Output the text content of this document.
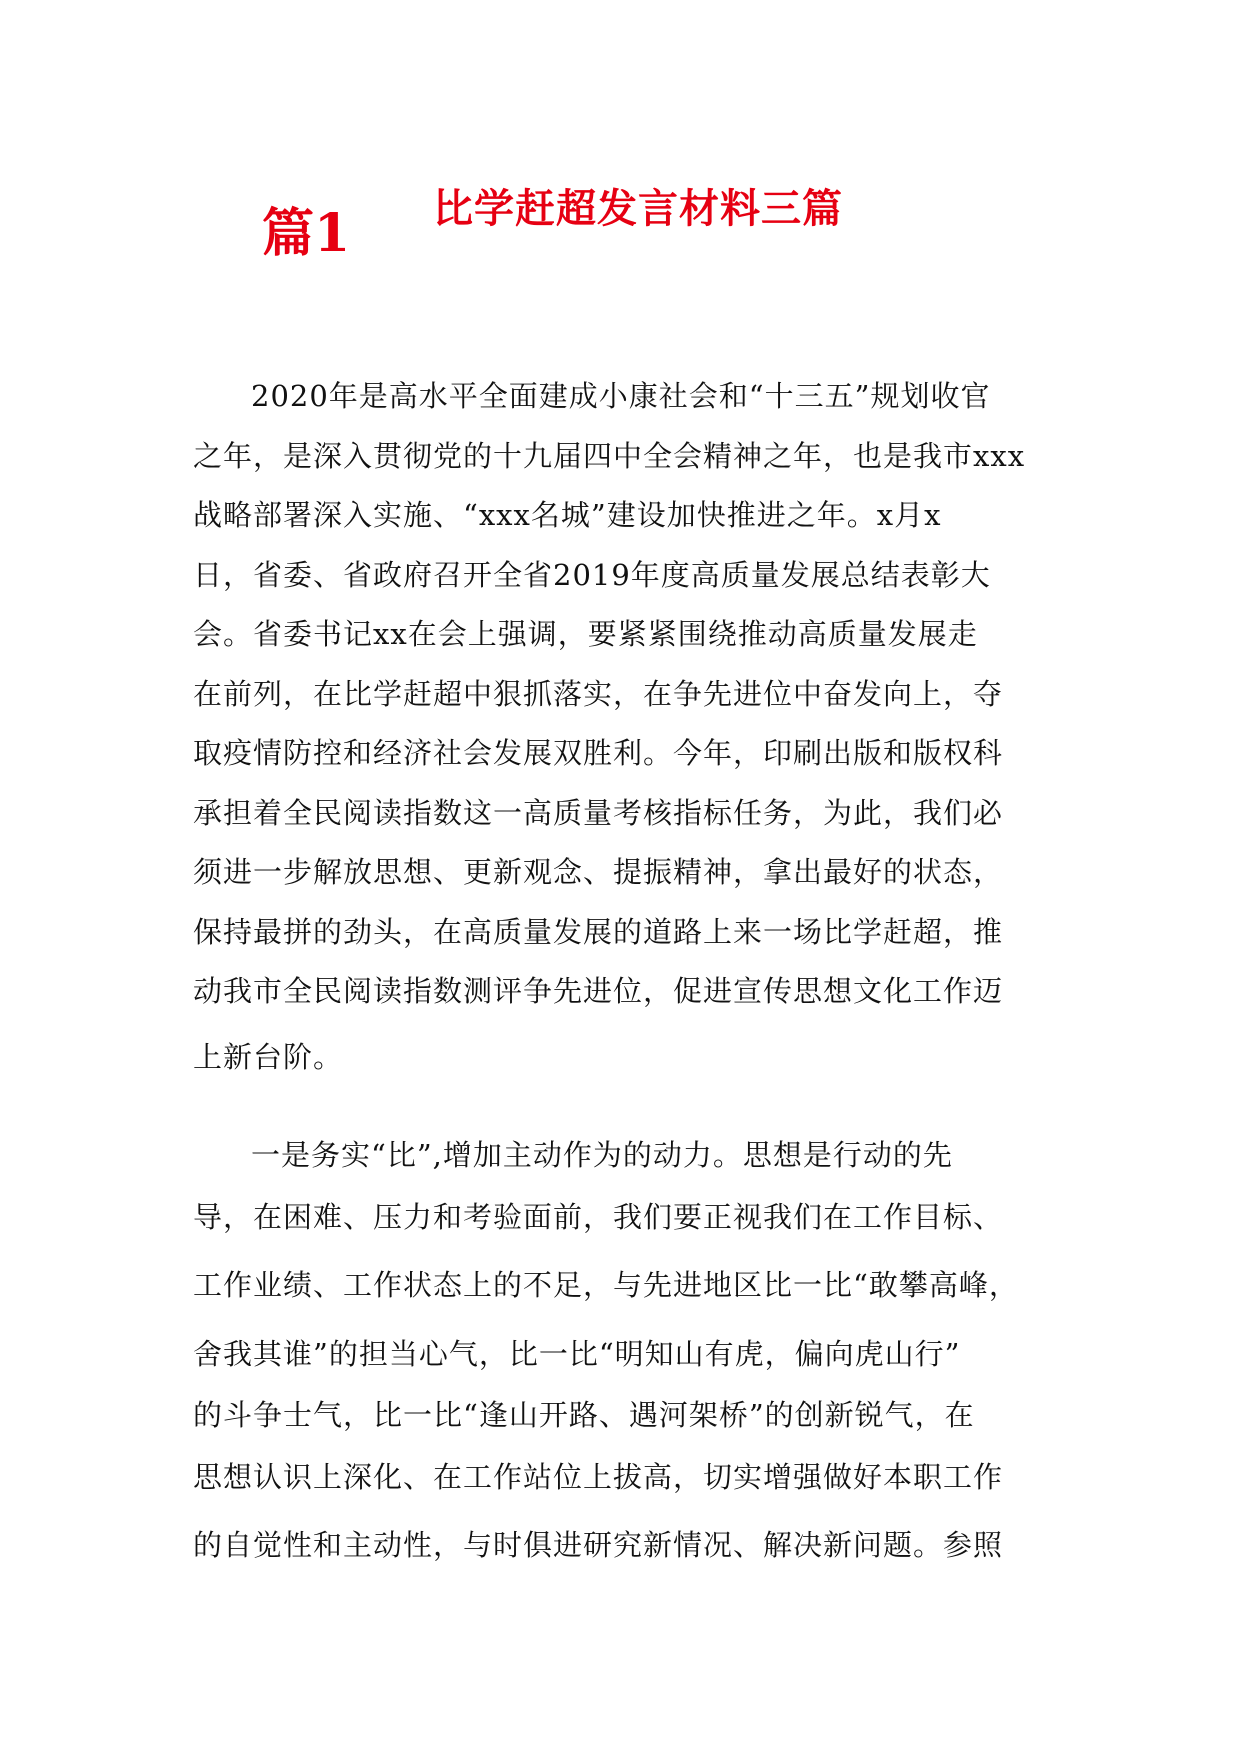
比学赶超发言材料三篇
篇1

2020年是高水平全面建成小康社会和“十三五”规划收官
之年，是深入贯彻党的十九届四中全会精神之年，也是我市xxx
战略部署深入实施、“xxx名城”建设加快推进之年。x月x
日，省委、省政府召开全省2019年度高质量发展总结表彰大
会。省委书记xx在会上强调，要紧紧围绕推动高质量发展走
在前列，在比学赶超中狠抓落实，在争先进位中奋发向上，夺
取疫情防控和经济社会发展双胜利。今年，印刷出版和版权科
承担着全民阅读指数这一高质量考核指标任务，为此，我们必
须进一步解放思想、更新观念、提振精神，拿出最好的状态，
保持最拼的劲头，在高质量发展的道路上来一场比学赶超，推
动我市全民阅读指数测评争先进位，促进宣传思想文化工作迈
上新台阶。

一是务实“比”,增加主动作为的动力。思想是行动的先
导，在困难、压力和考验面前，我们要正视我们在工作目标、
工作业绩、工作状态上的不足，与先进地区比一比“敢攀高峰，
舍我其谁”的担当心气，比一比“明知山有虎，偏向虎山行”
的斗争士气，比一比“逢山开路、遇河架桥”的创新锐气，在
思想认识上深化、在工作站位上拔高，切实增强做好本职工作
的自觉性和主动性，与时俱进研究新情况、解决新问题。参照
